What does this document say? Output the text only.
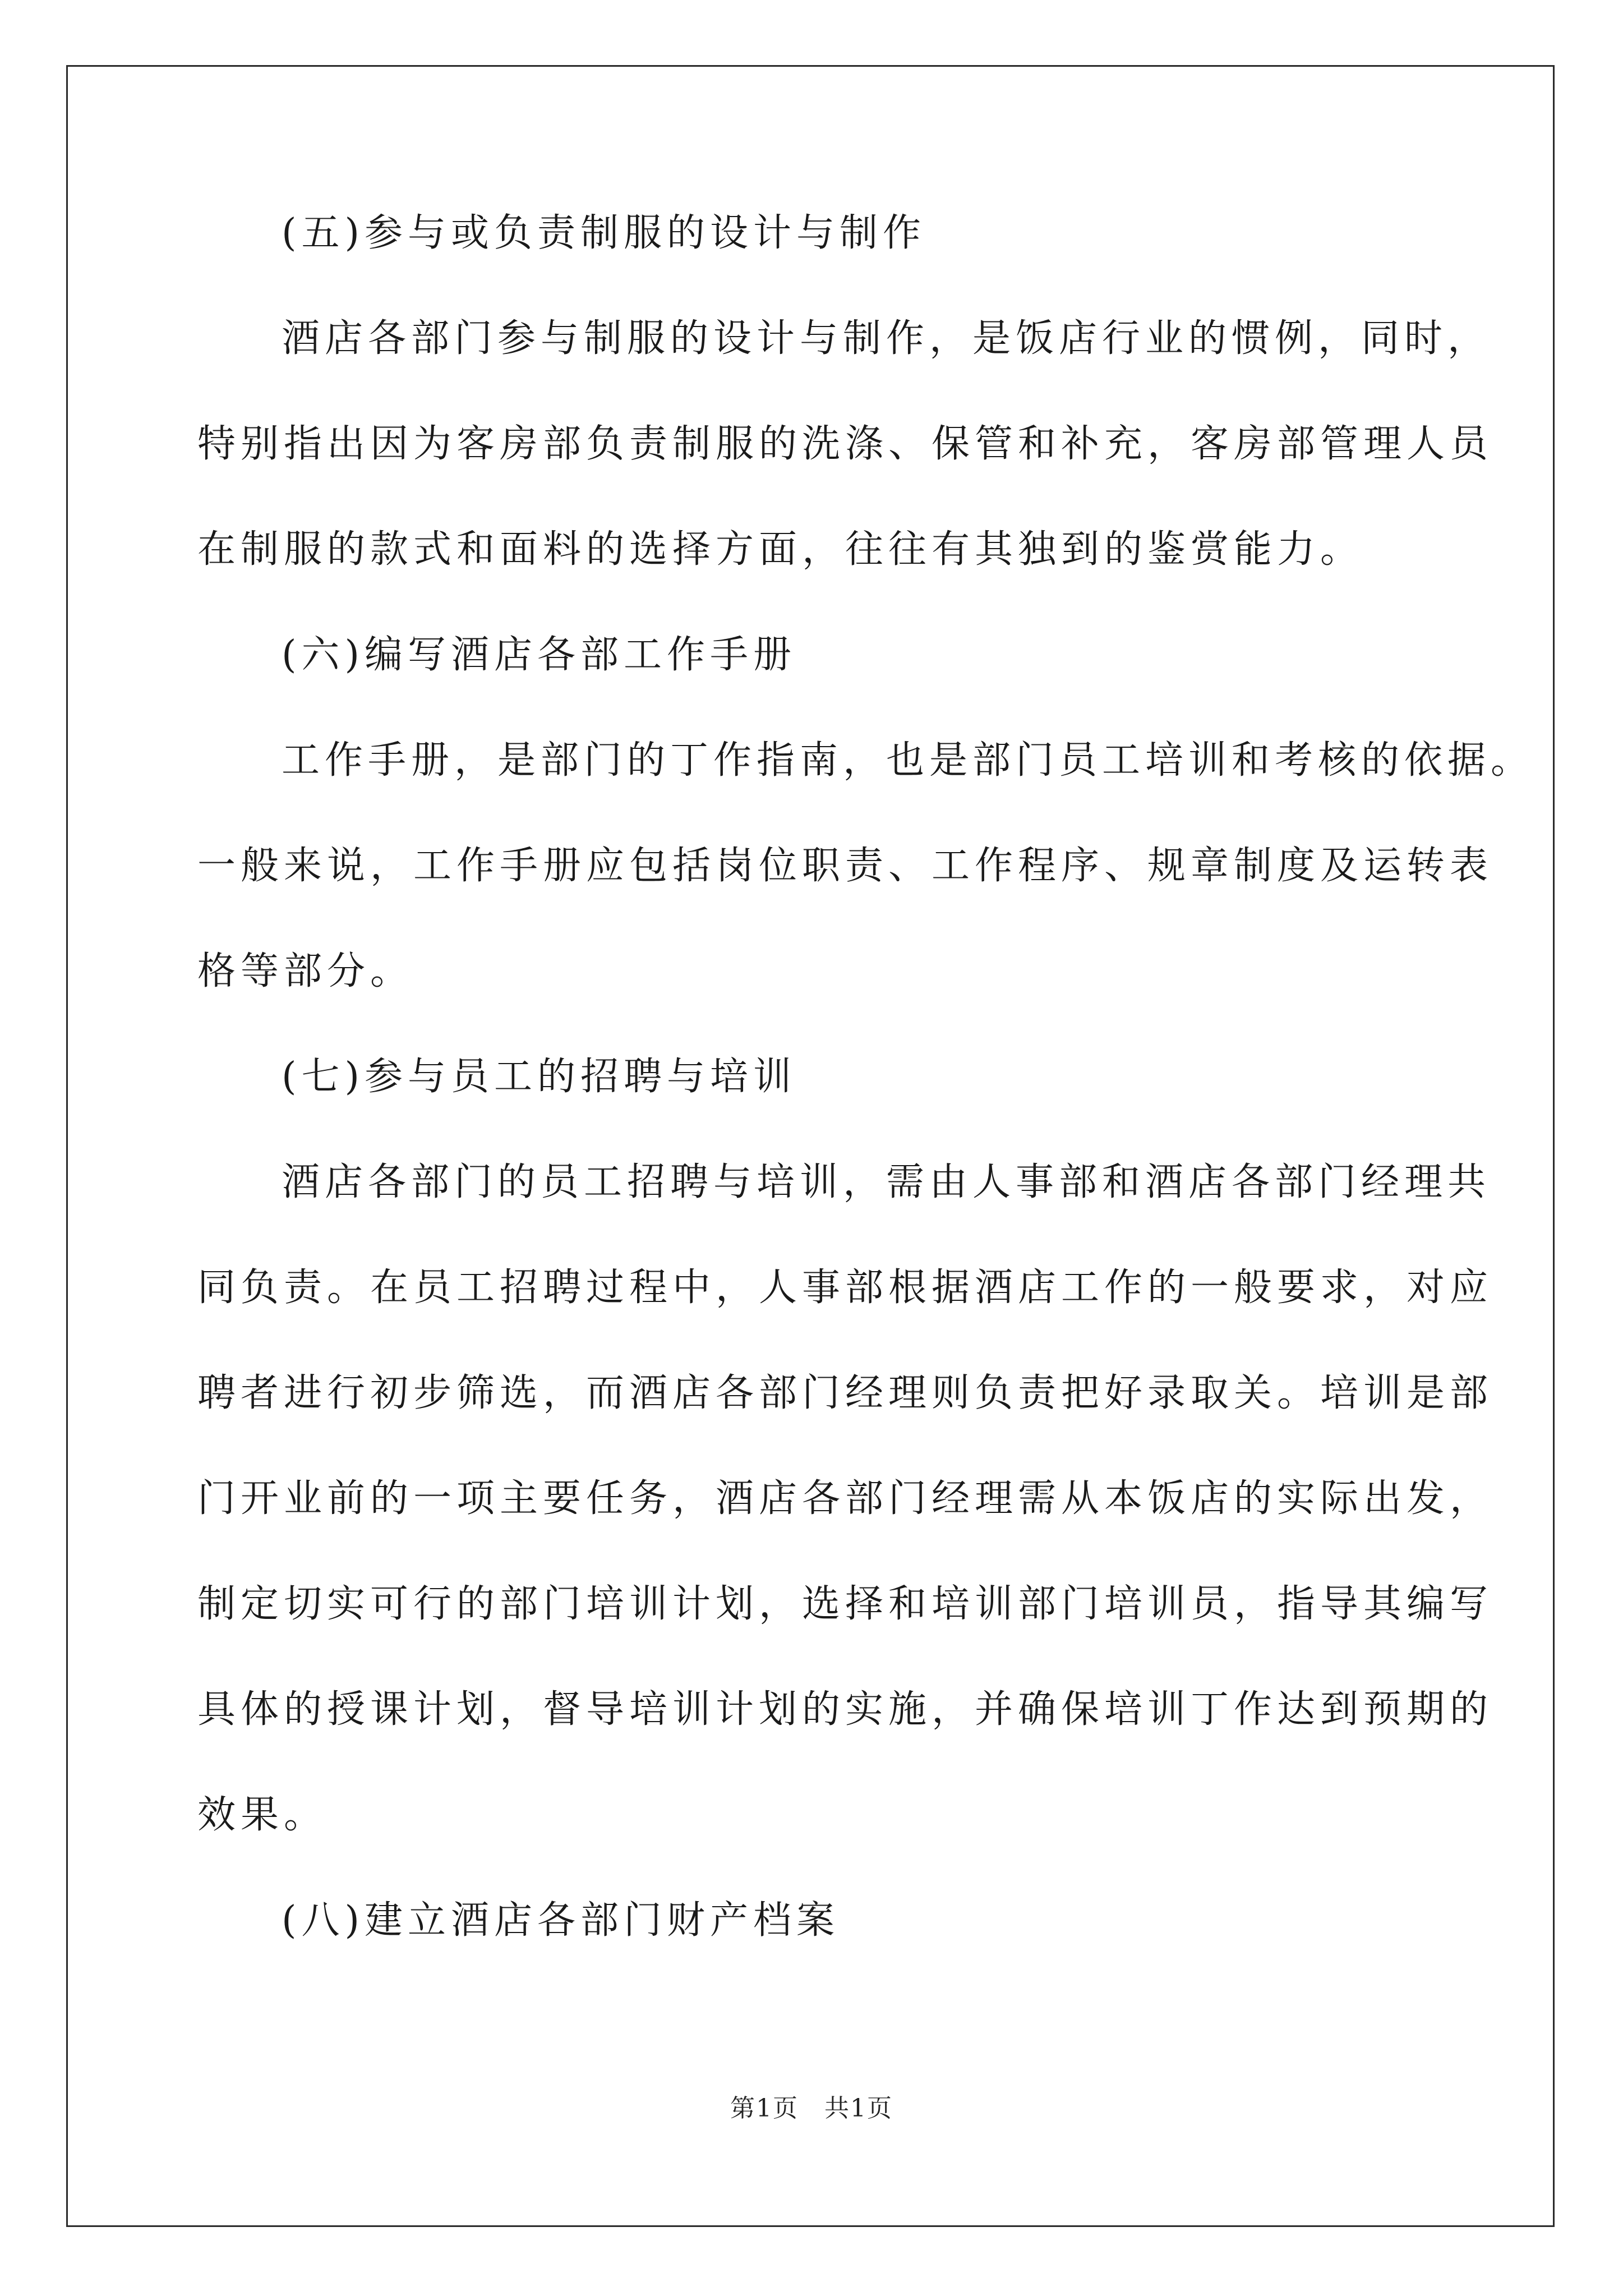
(五)参与或负责制服的设计与制作
酒店各部门参与制服的设计与制作，是饭店行业的惯例，同时，
特别指出因为客房部负责制服的洗涤、保管和补充，客房部管理人员
在制服的款式和面料的选择方面，往往有其独到的鉴赏能力。
(六)编写酒店各部工作手册
工作手册，是部门的丁作指南，也是部门员工培训和考核的依据。
一般来说，工作手册应包括岗位职责、工作程序、规章制度及运转表
格等部分。
(七)参与员工的招聘与培训
酒店各部门的员工招聘与培训，需由人事部和酒店各部门经理共
同负责。在员工招聘过程中，人事部根据酒店工作的一般要求，对应
聘者进行初步筛选，而酒店各部门经理则负责把好录取关。培训是部
门开业前的一项主要任务，酒店各部门经理需从本饭店的实际出发，
制定切实可行的部门培训计划，选择和培训部门培训员，指导其编写
具体的授课计划，督导培训计划的实施，并确保培训丁作达到预期的
效果。
(八)建立酒店各部门财产档案
第1页　共1页
